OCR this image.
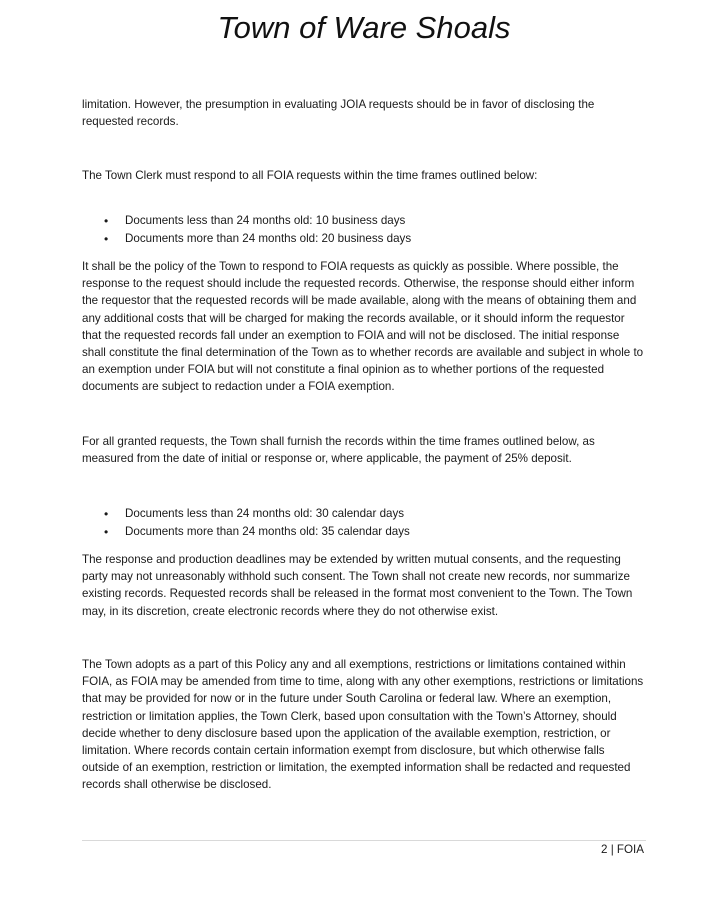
Town of Ware Shoals

limitation. However, the presumption in evaluating JOIA requests should be in favor of disclosing the requested records.

The Town Clerk must respond to all FOIA requests within the time frames outlined below:

• Documents less than 24 months old: 10 business days
• Documents more than 24 months old: 20 business days

It shall be the policy of the Town to respond to FOIA requests as quickly as possible. Where possible, the response to the request should include the requested records. Otherwise, the response should either inform the requestor that the requested records will be made available, along with the means of obtaining them and any additional costs that will be charged for making the records available, or it should inform the requestor that the requested records fall under an exemption to FOIA and will not be disclosed. The initial response shall constitute the final determination of the Town as to whether records are available and subject in whole to an exemption under FOIA but will not constitute a final opinion as to whether portions of the requested documents are subject to redaction under a FOIA exemption.

For all granted requests, the Town shall furnish the records within the time frames outlined below, as measured from the date of initial or response or, where applicable, the payment of 25% deposit.

• Documents less than 24 months old: 30 calendar days
• Documents more than 24 months old: 35 calendar days

The response and production deadlines may be extended by written mutual consents, and the requesting party may not unreasonably withhold such consent. The Town shall not create new records, nor summarize existing records. Requested records shall be released in the format most convenient to the Town. The Town may, in its discretion, create electronic records where they do not otherwise exist.

The Town adopts as a part of this Policy any and all exemptions, restrictions or limitations contained within FOIA, as FOIA may be amended from time to time, along with any other exemptions, restrictions or limitations that may be provided for now or in the future under South Carolina or federal law. Where an exemption, restriction or limitation applies, the Town Clerk, based upon consultation with the Town’s Attorney, should decide whether to deny disclosure based upon the application of the available exemption, restriction, or limitation. Where records contain certain information exempt from disclosure, but which otherwise falls outside of an exemption, restriction or limitation, the exempted information shall be redacted and requested records shall otherwise be disclosed.

2 | FOIA
